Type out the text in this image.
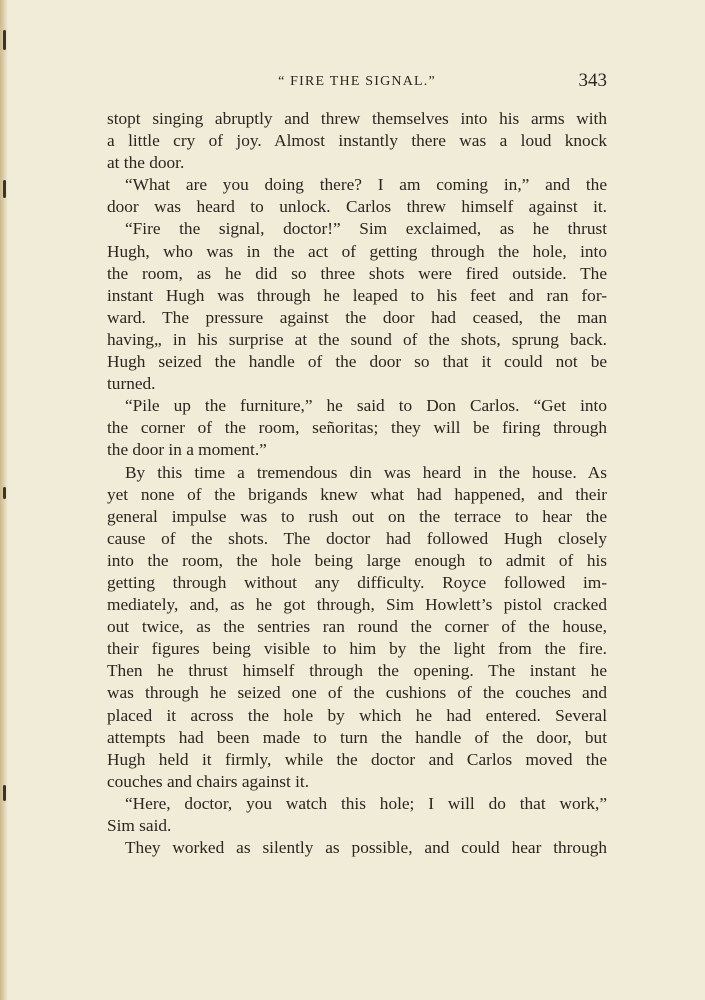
“ FIRE THE SIGNAL.”	343
stopt singing abruptly and threw themselves into his arms with
a little cry of joy. Almost instantly there was a loud knock
at the door.
“What are you doing there? I am coming in,” and the
door was heard to unlock. Carlos threw himself against it.
“Fire the signal, doctor!” Sim exclaimed, as he thrust
Hugh, who was in the act of getting through the hole, into
the room, as he did so three shots were fired outside. The
instant Hugh was through he leaped to his feet and ran for-
ward. The pressure against the door had ceased, the man
having„ in his surprise at the sound of the shots, sprung back.
Hugh seized the handle of the door so that it could not be
turned.
“Pile up the furniture,” he said to Don Carlos. “Get into
the corner of the room, señoritas; they will be firing through
the door in a moment.”
By this time a tremendous din was heard in the house. As
yet none of the brigands knew what had happened, and their
general impulse was to rush out on the terrace to hear the
cause of the shots. The doctor had followed Hugh closely
into the room, the hole being large enough to admit of his
getting through without any difficulty. Royce followed im-
mediately, and, as he got through, Sim Howlett’s pistol cracked
out twice, as the sentries ran round the corner of the house,
their figures being visible to him by the light from the fire.
Then he thrust himself through the opening. The instant he
was through he seized one of the cushions of the couches and
placed it across the hole by which he had entered. Several
attempts had been made to turn the handle of the door, but
Hugh held it firmly, while the doctor and Carlos moved the
couches and chairs against it.
“Here, doctor, you watch this hole; I will do that work,”
Sim said.
They worked as silently as possible, and could hear through
